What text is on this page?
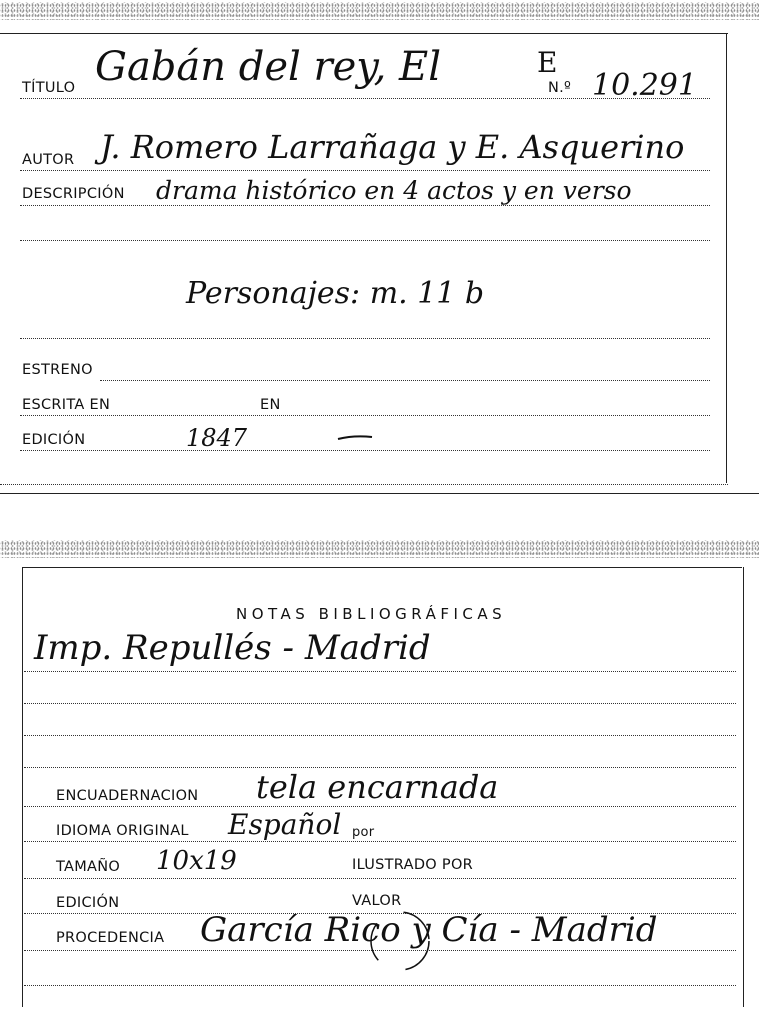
TÍTULO Gabán del rey, El	E
N.º 10.291
AUTOR J. Romero Larrañaga y E. Asquerino
DESCRIPCIÓN drama histórico en 4 actos y en verso
Personajes: m. 11 b
ESTRENO
ESCRITA EN	EN
EDICIÓN	1847
NOTAS BIBLIOGRÁFICAS
Imp. Repullés - Madrid
ENCUADERNACION tela encarnada
IDIOMA ORIGINAL Español por
TAMAÑO 10x19	ILUSTRADO POR
EDICIÓN	VALOR
PROCEDENCIA García Rico y Cía - Madrid
